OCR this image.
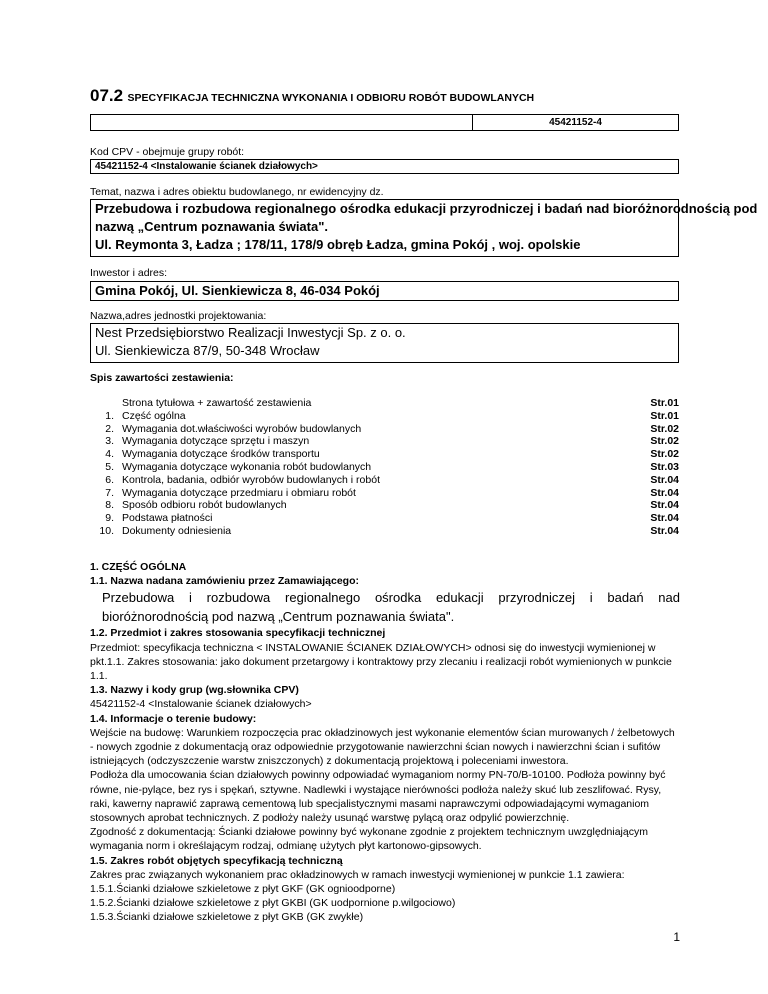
07.2 SPECYFIKACJA TECHNICZNA WYKONANIA I ODBIORU ROBÓT BUDOWLANYCH
45421152-4
Kod CPV - obejmuje grupy robót:
45421152-4 <Instalowanie ścianek działowych>
Temat, nazwa i adres obiektu budowlanego, nr ewidencyjny dz.
Przebudowa i rozbudowa regionalnego ośrodka edukacji przyrodniczej i badań nad bioróżnorodnością pod
nazwą „Centrum poznawania świata".
Ul. Reymonta 3, Ładza ; 178/11, 178/9 obręb Ładza, gmina Pokój , woj. opolskie
Inwestor i adres:
Gmina Pokój, Ul. Sienkiewicza 8, 46-034 Pokój
Nazwa,adres jednostki projektowania:
Nest Przedsiębiorstwo Realizacji Inwestycji Sp. z o. o.
Ul. Sienkiewicza 87/9, 50-348 Wrocław
Spis zawartości zestawienia:
Strona tytułowa + zawartość zestawienia	Str.01
1. Część ogólna	Str.01
2. Wymagania dot.właściwości wyrobów budowlanych	Str.02
3. Wymagania dotyczące sprzętu i maszyn	Str.02
4. Wymagania dotyczące środków transportu	Str.02
5. Wymagania dotyczące wykonania robót budowlanych	Str.03
6. Kontrola, badania, odbiór wyrobów budowlanych i robót	Str.04
7. Wymagania dotyczące przedmiaru i obmiaru robót	Str.04
8. Sposób odbioru robót budowlanych	Str.04
9. Podstawa płatności	Str.04
10. Dokumenty odniesienia	Str.04
1. CZĘŚĆ OGÓLNA
1.1. Nazwa nadana zamówieniu przez Zamawiającego:
Przebudowa i rozbudowa regionalnego ośrodka edukacji przyrodniczej i badań nad bioróżnorodnością pod nazwą „Centrum poznawania świata".
1.2. Przedmiot i zakres stosowania specyfikacji technicznej
Przedmiot: specyfikacja techniczna < INSTALOWANIE ŚCIANEK DZIAŁOWYCH> odnosi się do inwestycji wymienionej w pkt.1.1. Zakres stosowania: jako dokument przetargowy i kontraktowy przy zlecaniu i realizacji robót wymienionych w punkcie 1.1.
1.3. Nazwy i kody grup (wg.słownika CPV)
45421152-4 <Instalowanie ścianek działowych>
1.4. Informacje o terenie budowy:
Wejście na budowę: Warunkiem rozpoczęcia prac okładzinowych jest wykonanie elementów ścian murowanych / żelbetowych - nowych zgodnie z dokumentacją oraz odpowiednie przygotowanie nawierzchni ścian nowych i nawierzchni ścian i sufitów istniejących (odczyszczenie warstw zniszczonych) z dokumentacją projektową i poleceniami inwestora.
Podłoża dla umocowania ścian działowych powinny odpowiadać wymaganiom normy PN-70/B-10100. Podłoża powinny być równe, nie-pylące, bez rys i spękań, sztywne. Nadlewki i wystające nierówności podłoża należy skuć lub zeszlifować. Rysy, raki, kawerny naprawić zaprawą cementową lub specjalistycznymi masami naprawczymi odpowiadającymi wymaganiom stosownych aprobat technicznych. Z podłoży należy usunąć warstwę pylącą oraz odpylić powierzchnię.
Zgodność z dokumentacją: Ścianki działowe powinny być wykonane zgodnie z projektem technicznym uwzględniającym wymagania norm i określającym rodzaj, odmianę użytych płyt kartonowo-gipsowych.
1.5. Zakres robót objętych specyfikacją techniczną
Zakres prac związanych wykonaniem prac okładzinowych w ramach inwestycji wymienionej w punkcie 1.1 zawiera:
1.5.1.Ścianki działowe szkieletowe z płyt GKF (GK ognioodporne)
1.5.2.Ścianki działowe szkieletowe z płyt GKBI (GK uodpornione p.wilgociowo)
1.5.3.Ścianki działowe szkieletowe z płyt GKB (GK zwykłe)
1
